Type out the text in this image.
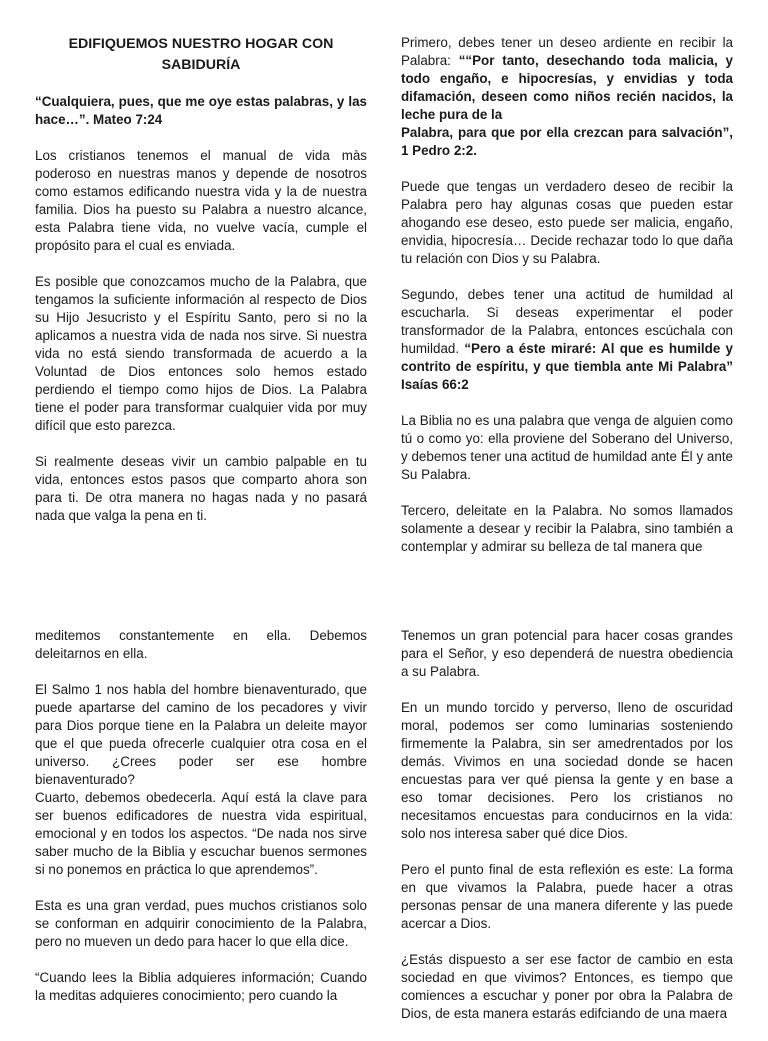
EDIFIQUEMOS NUESTRO HOGAR CON SABIDURÍA

“Cualquiera, pues, que me oye estas palabras, y las hace…”. Mateo 7:24

Los cristianos tenemos el manual de vida màs poderoso en nuestras manos y depende de nosotros como estamos edificando nuestra vida y la de nuestra familia. Dios ha puesto su Palabra a nuestro alcance, esta Palabra tiene vida, no vuelve vacía, cumple el propósito para el cual es enviada.

Es posible que conozcamos mucho de la Palabra, que tengamos la suficiente información al respecto de Dios su Hijo Jesucristo y el Espíritu Santo, pero si no la aplicamos a nuestra vida de nada nos sirve. Si nuestra vida no está siendo transformada de acuerdo a la Voluntad de Dios entonces solo hemos estado perdiendo el tiempo como hijos de Dios. La Palabra tiene el poder para transformar cualquier vida por muy difícil que esto parezca.

Si realmente deseas vivir un cambio palpable en tu vida, entonces estos pasos que comparto ahora son para ti. De otra manera no hagas nada y no pasará nada que valga la pena en ti.

Primero, debes tener un deseo ardiente en recibir la Palabra: ““Por tanto, desechando toda malicia, y todo engaño, e hipocresías, y envidias y toda difamación, deseen como niños recién nacidos, la leche pura de la
Palabra, para que por ella crezcan para salvación”, 1 Pedro 2:2.

Puede que tengas un verdadero deseo de recibir la Palabra pero hay algunas cosas que pueden estar ahogando ese deseo, esto puede ser malicia, engaño, envidia, hipocresía… Decide rechazar todo lo que daña tu relación con Dios y su Palabra.

Segundo, debes tener una actitud de humildad al escucharla. Si deseas experimentar el poder transformador de la Palabra, entonces escúchala con humildad. “Pero a éste miraré: Al que es humilde y contrito de espíritu, y que tiembla ante Mi Palabra” Isaías 66:2

La Biblia no es una palabra que venga de alguien como tú o como yo: ella proviene del Soberano del Universo, y debemos tener una actitud de humildad ante Él y ante Su Palabra.

Tercero, deleitate en la Palabra. No somos llamados solamente a desear y recibir la Palabra, sino también a contemplar y admirar su belleza de tal manera que

meditemos constantemente en ella. Debemos deleitarnos en ella.

El Salmo 1 nos habla del hombre bienaventurado, que puede apartarse del camino de los pecadores y vivir para Dios porque tiene en la Palabra un deleite mayor que el que pueda ofrecerle cualquier otra cosa en el universo. ¿Crees poder ser ese hombre bienaventurado?

Cuarto, debemos obedecerla. Aquí está la clave para ser buenos edificadores de nuestra vida espiritual, emocional y en todos los aspectos. “De nada nos sirve saber mucho de la Biblia y escuchar buenos sermones si no ponemos en práctica lo que aprendemos”.

Esta es una gran verdad, pues muchos cristianos solo se conforman en adquirir conocimiento de la Palabra, pero no mueven un dedo para hacer lo que ella dice.

“Cuando lees la Biblia adquieres información; Cuando la meditas adquieres conocimiento; pero cuando la

Tenemos un gran potencial para hacer cosas grandes para el Señor, y eso dependerá de nuestra obediencia a su Palabra.

En un mundo torcido y perverso, lleno de oscuridad moral, podemos ser como luminarias sosteniendo firmemente la Palabra, sin ser amedrentados por los demás. Vivimos en una sociedad donde se hacen encuestas para ver qué piensa la gente y en base a eso tomar decisiones. Pero los cristianos no necesitamos encuestas para conducirnos en la vida: solo nos interesa saber qué dice Dios.

Pero el punto final de esta reflexión es este: La forma en que vivamos la Palabra, puede hacer a otras personas pensar de una manera diferente y las puede acercar a Dios.

¿Estás dispuesto a ser ese factor de cambio en esta sociedad en que vivimos? Entonces, es tiempo que comiences a escuchar y poner por obra la Palabra de Dios, de esta manera estarás edifciando de una maera
